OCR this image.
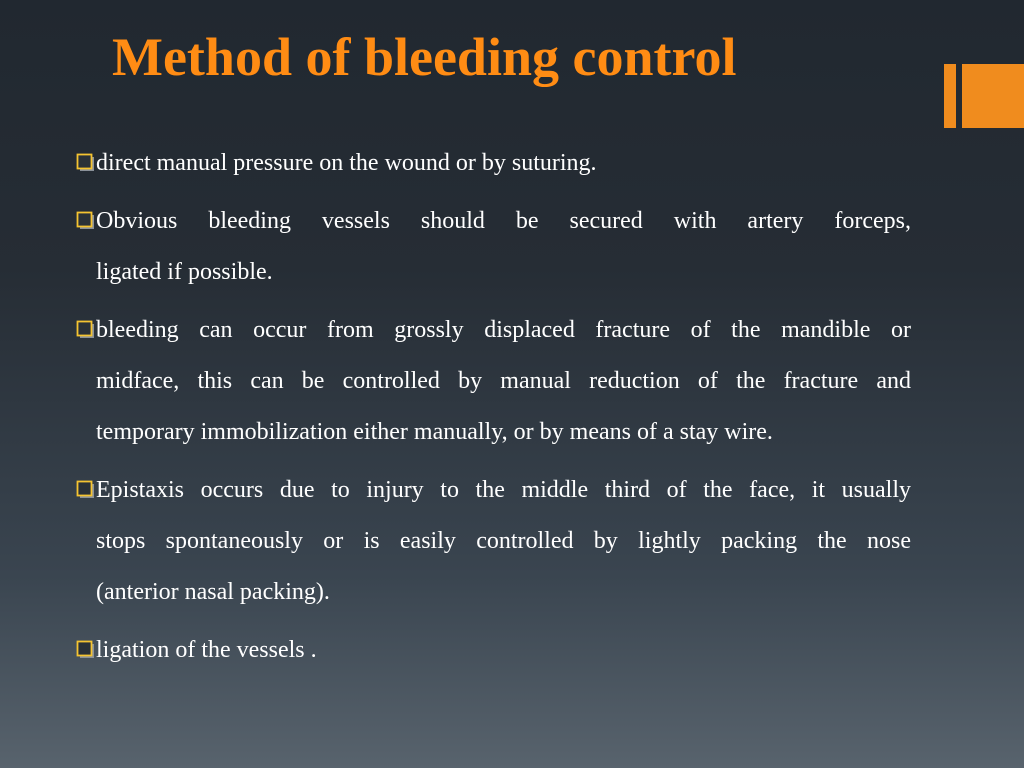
Method of bleeding control
direct manual pressure on the wound or by suturing.
Obvious bleeding vessels should be secured with artery forceps,
ligated if possible.
bleeding can occur from grossly displaced fracture of the mandible or
midface, this can be controlled by manual reduction of the fracture and
temporary immobilization either manually, or by means of a stay wire.
Epistaxis occurs due to injury to the middle third of the face, it usually
stops spontaneously or is easily controlled by lightly packing the nose
(anterior nasal packing).
ligation of the vessels .
